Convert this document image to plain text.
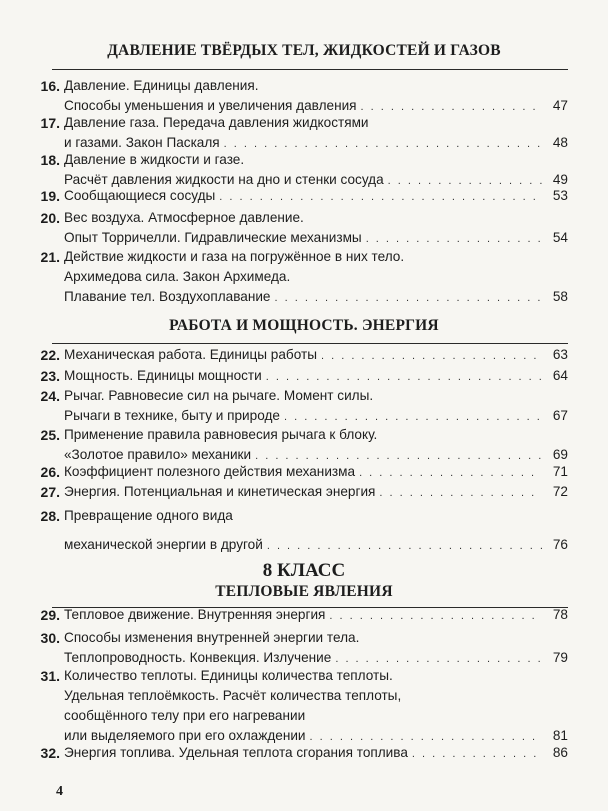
ДАВЛЕНИЕ ТВЁРДЫХ ТЕЛ, ЖИДКОСТЕЙ И ГАЗОВ
16. Давление. Единицы давления.
Способы уменьшения и увеличения давления . . .	47
17. Давление газа. Передача давления жидкостями
и газами. Закон Паскаля . . .	48
18. Давление в жидкости и газе.
Расчёт давления жидкости на дно и стенки сосуда . . .	49
19. Сообщающиеся сосуды . . .	53
20. Вес воздуха. Атмосферное давление.
Опыт Торричелли. Гидравлические механизмы . . .	54
21. Действие жидкости и газа на погружённое в них тело.
Архимедова сила. Закон Архимеда.
Плавание тел. Воздухоплавание . . .	58
РАБОТА И МОЩНОСТЬ. ЭНЕРГИЯ
22. Механическая работа. Единицы работы . . .	63
23. Мощность. Единицы мощности . . .	64
24. Рычаг. Равновесие сил на рычаге. Момент силы.
Рычаги в технике, быту и природе . . .	67
25. Применение правила равновесия рычага к блоку.
«Золотое правило» механики . . .	69
26. Коэффициент полезного действия механизма . . .	71
27. Энергия. Потенциальная и кинетическая энергия . . .	72
28. Превращение одного вида
механической энергии в другой . . .	76
8 КЛАСС
ТЕПЛОВЫЕ ЯВЛЕНИЯ
29. Тепловое движение. Внутренняя энергия . . .	78
30. Способы изменения внутренней энергии тела.
Теплопроводность. Конвекция. Излучение . . .	79
31. Количество теплоты. Единицы количества теплоты.
Удельная теплоёмкость. Расчёт количества теплоты,
сообщённого телу при его нагревании
или выделяемого при его охлаждении . . .	81
32. Энергия топлива. Удельная теплота сгорания топлива . . .	86
4
